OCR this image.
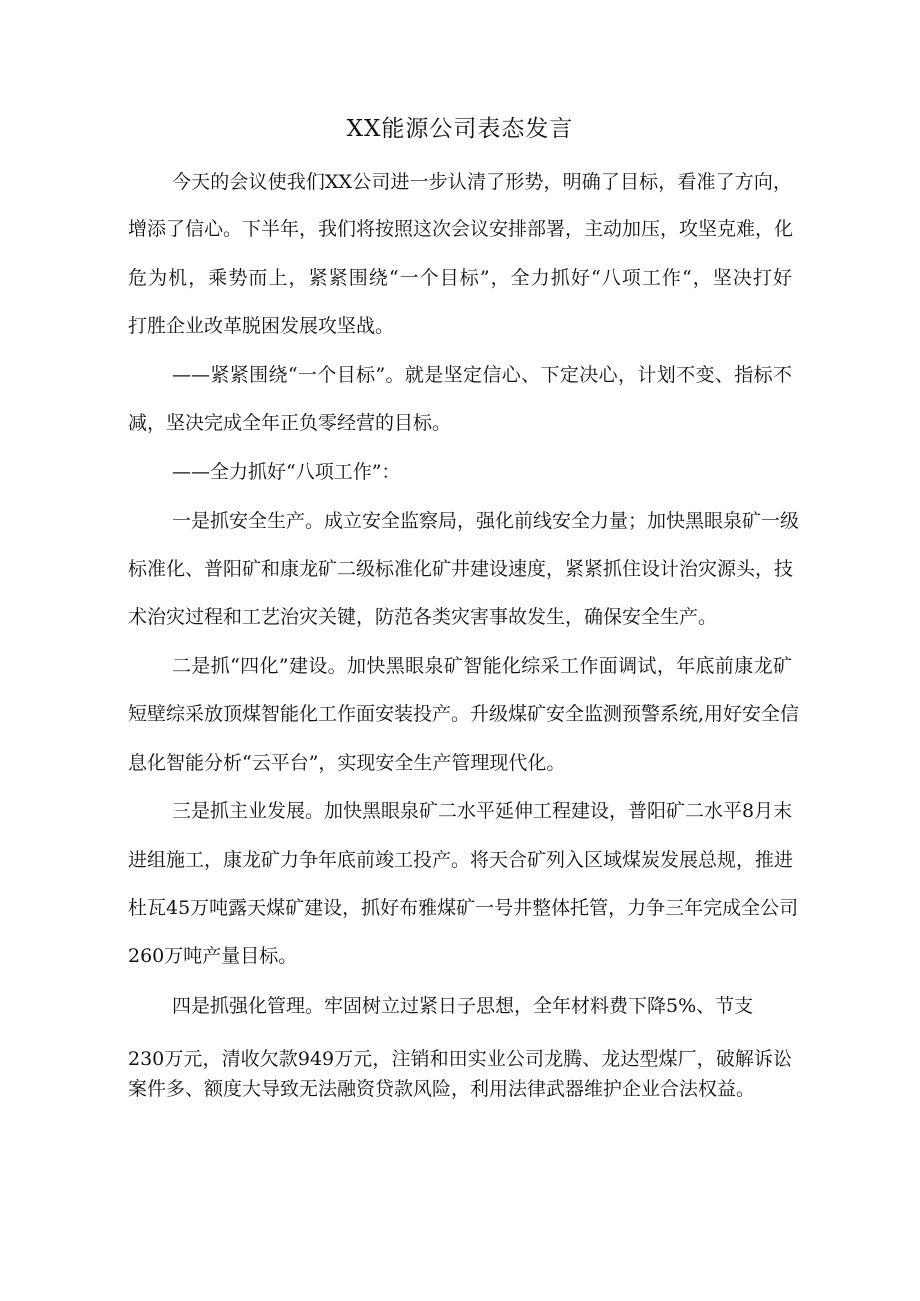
XX能源公司表态发言
今天的会议使我们XX公司进一步认清了形势，明确了目标，看准了方向，
增添了信心。下半年，我们将按照这次会议安排部署，主动加压，攻坚克难，化
危为机，乘势而上，紧紧围绕“一个目标”，全力抓好“八项工作“，坚决打好
打胜企业改革脱困发展攻坚战。
——紧紧围绕“一个目标”。就是坚定信心、下定决心，计划不变、指标不
减，坚决完成全年正负零经营的目标。
——全力抓好“八项工作”：
一是抓安全生产。成立安全监察局，强化前线安全力量；加快黑眼泉矿一级
标准化、普阳矿和康龙矿二级标准化矿井建设速度，紧紧抓住设计治灾源头，技
术治灾过程和工艺治灾关键，防范各类灾害事故发生，确保安全生产。
二是抓“四化”建设。加快黑眼泉矿智能化综采工作面调试，年底前康龙矿
短壁综采放顶煤智能化工作面安装投产。升级煤矿安全监测预警系统,用好安全信
息化智能分析“云平台”，实现安全生产管理现代化。
三是抓主业发展。加快黑眼泉矿二水平延伸工程建设，普阳矿二水平8月末
进组施工，康龙矿力争年底前竣工投产。将天合矿列入区域煤炭发展总规，推进
杜瓦45万吨露天煤矿建设，抓好布雅煤矿一号井整体托管，力争三年完成全公司
260万吨产量目标。
四是抓强化管理。牢固树立过紧日子思想，全年材料费下降5%、节支
230万元，清收欠款949万元，注销和田实业公司龙腾、龙达型煤厂，破解诉讼
案件多、额度大导致无法融资贷款风险，利用法律武器维护企业合法权益。
